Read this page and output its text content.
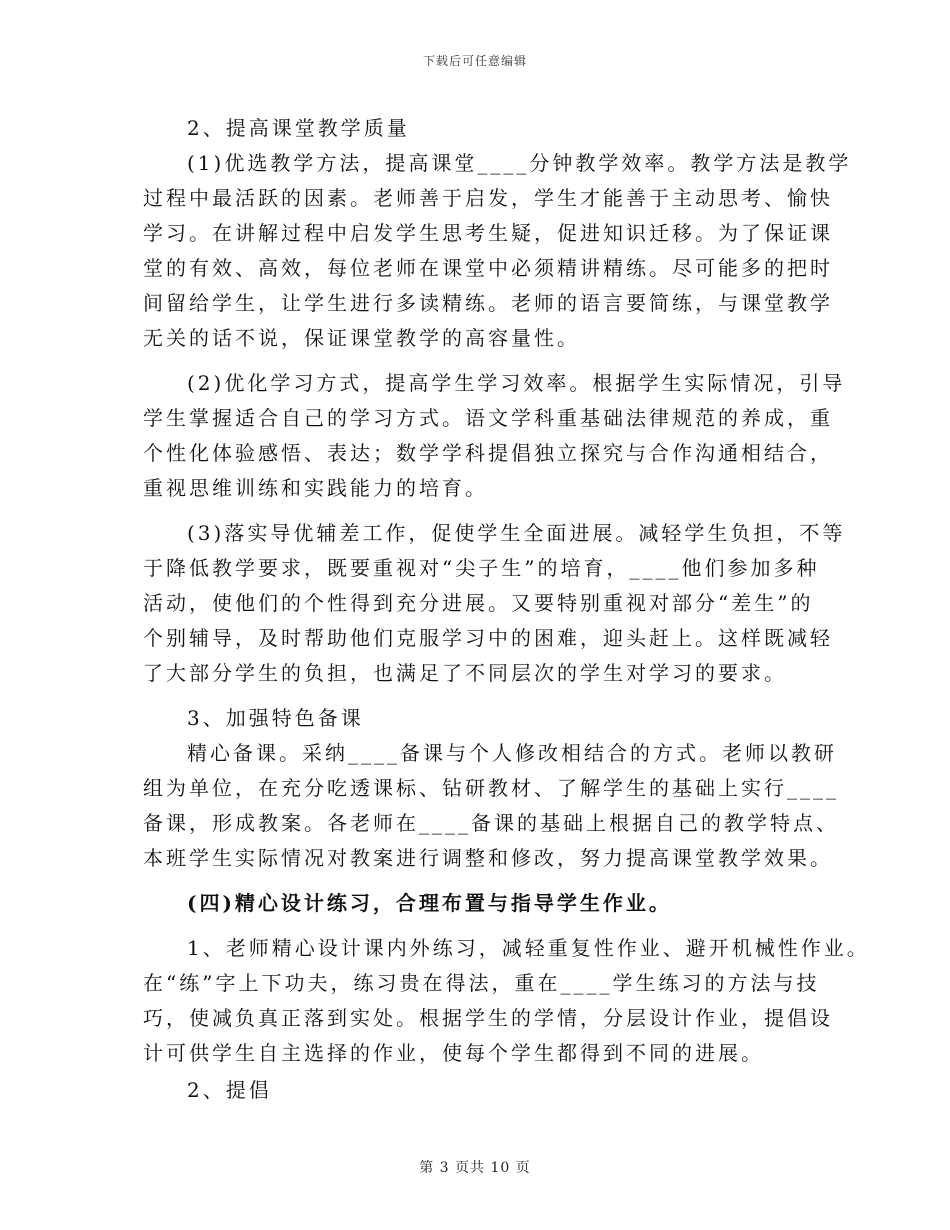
下载后可任意编辑
2、提高课堂教学质量
(1)优选教学方法，提高课堂____分钟教学效率。教学方法是教学
过程中最活跃的因素。老师善于启发，学生才能善于主动思考、愉快
学习。在讲解过程中启发学生思考生疑，促进知识迁移。为了保证课
堂的有效、高效，每位老师在课堂中必须精讲精练。尽可能多的把时
间留给学生，让学生进行多读精练。老师的语言要简练，与课堂教学
无关的话不说，保证课堂教学的高容量性。
(2)优化学习方式，提高学生学习效率。根据学生实际情况，引导
学生掌握适合自己的学习方式。语文学科重基础法律规范的养成，重
个性化体验感悟、表达；数学学科提倡独立探究与合作沟通相结合，
重视思维训练和实践能力的培育。
(3)落实导优辅差工作，促使学生全面进展。减轻学生负担，不等
于降低教学要求，既要重视对“尖子生”的培育，____他们参加多种
活动，使他们的个性得到充分进展。又要特别重视对部分“差生”的
个别辅导，及时帮助他们克服学习中的困难，迎头赶上。这样既减轻
了大部分学生的负担，也满足了不同层次的学生对学习的要求。
3、加强特色备课
精心备课。采纳____备课与个人修改相结合的方式。老师以教研
组为单位，在充分吃透课标、钻研教材、了解学生的基础上实行____
备课，形成教案。各老师在____备课的基础上根据自己的教学特点、
本班学生实际情况对教案进行调整和修改，努力提高课堂教学效果。
(四)精心设计练习，合理布置与指导学生作业。
1、老师精心设计课内外练习，减轻重复性作业、避开机械性作业。
在“练”字上下功夫，练习贵在得法，重在____学生练习的方法与技
巧，使减负真正落到实处。根据学生的学情，分层设计作业，提倡设
计可供学生自主选择的作业，使每个学生都得到不同的进展。
2、提倡
第 3 页共 10 页
